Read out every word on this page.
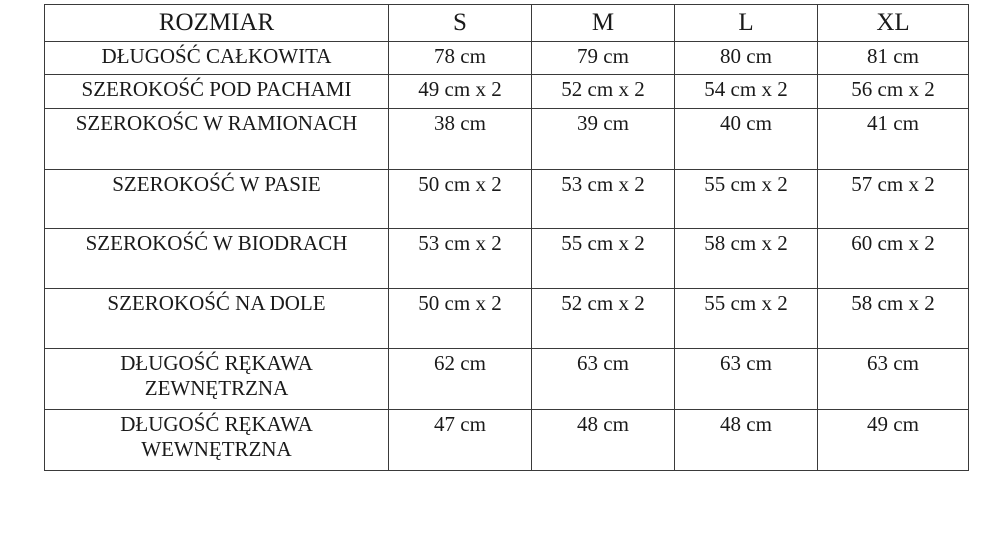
ROZMIAR	S	M	L	XL

DŁUGOŚĆ CAŁKOWITA	78 cm	79 cm	80 cm	81 cm

SZEROKOŚĆ POD PACHAMI	49 cm x 2	52 cm x 2	54 cm x 2	56 cm x 2

SZEROKOŚC W RAMIONACH	38 cm	39 cm	40 cm	41 cm

SZEROKOŚĆ W PASIE	50 cm x 2	53 cm x 2	55 cm x 2	57 cm x 2

SZEROKOŚĆ W BIODRACH	53 cm x 2	55 cm x 2	58 cm x 2	60 cm x 2

SZEROKOŚĆ NA DOLE	50 cm x 2	52 cm x 2	55 cm x 2	58 cm x 2

DŁUGOŚĆ RĘKAWA
ZEWNĘTRZNA	62 cm	63 cm	63 cm	63 cm

DŁUGOŚĆ RĘKAWA
WEWNĘTRZNA	47 cm	48 cm	48 cm	49 cm
